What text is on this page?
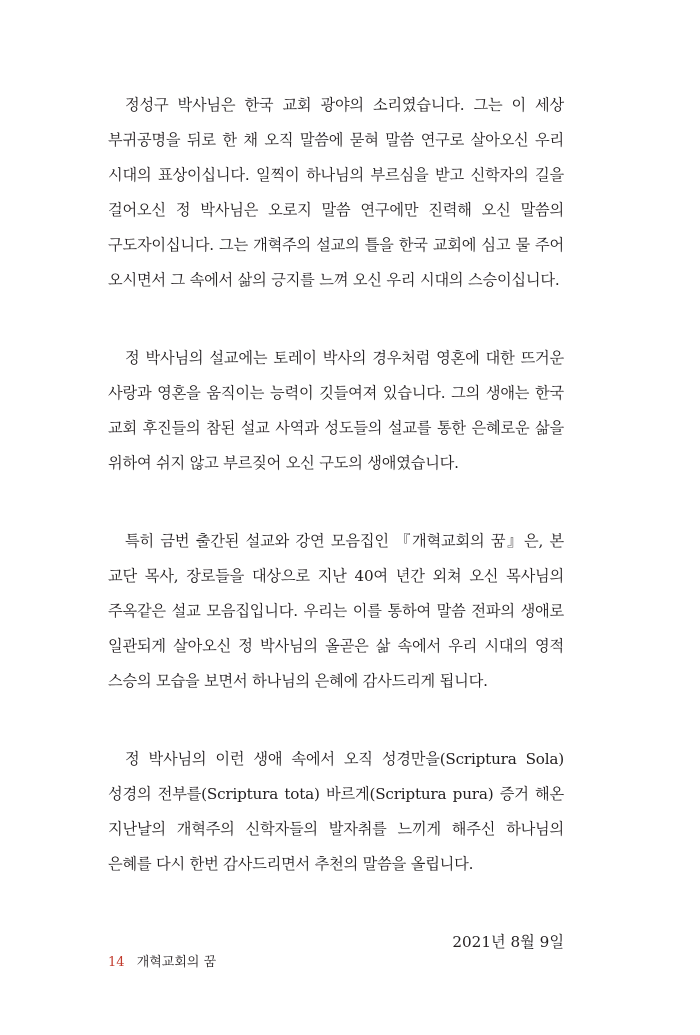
정성구 박사님은 한국 교회 광야의 소리였습니다. 그는 이 세상 부귀공명을 뒤로 한 채 오직 말씀에 묻혀 말씀 연구로 살아오신 우리 시대의 표상이십니다. 일찍이 하나님의 부르심을 받고 신학자의 길을 걸어오신 정 박사님은 오로지 말씀 연구에만 진력해 오신 말씀의 구도자이십니다. 그는 개혁주의 설교의 틀을 한국 교회에 심고 물 주어 오시면서 그 속에서 삶의 긍지를 느껴 오신 우리 시대의 스승이십니다.

정 박사님의 설교에는 토레이 박사의 경우처럼 영혼에 대한 뜨거운 사랑과 영혼을 움직이는 능력이 깃들여져 있습니다. 그의 생애는 한국 교회 후진들의 참된 설교 사역과 성도들의 설교를 통한 은혜로운 삶을 위하여 쉬지 않고 부르짖어 오신 구도의 생애였습니다.

특히 금번 출간된 설교와 강연 모음집인 『개혁교회의 꿈』은, 본 교단 목사, 장로들을 대상으로 지난 40여 년간 외쳐 오신 목사님의 주옥같은 설교 모음집입니다. 우리는 이를 통하여 말씀 전파의 생애로 일관되게 살아오신 정 박사님의 올곧은 삶 속에서 우리 시대의 영적 스승의 모습을 보면서 하나님의 은혜에 감사드리게 됩니다.

정 박사님의 이런 생애 속에서 오직 성경만을(Scriptura Sola) 성경의 전부를(Scriptura tota) 바르게(Scriptura pura) 증거 해온 지난날의 개혁주의 신학자들의 발자취를 느끼게 해주신 하나님의 은혜를 다시 한번 감사드리면서 추천의 말씀을 올립니다.

2021년 8월 9일

14 개혁교회의 꿈
